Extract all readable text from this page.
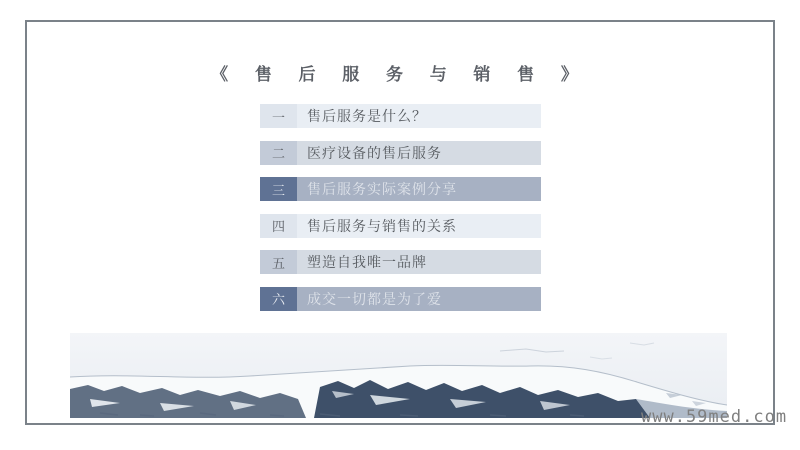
《 售 后 服 务 与 销 售 》
一	售后服务是什么？
二	医疗设备的售后服务
三	售后服务实际案例分享
四	售后服务与销售的关系
五	塑造自我唯一品牌
六	成交一切都是为了爱
www.59med.com
